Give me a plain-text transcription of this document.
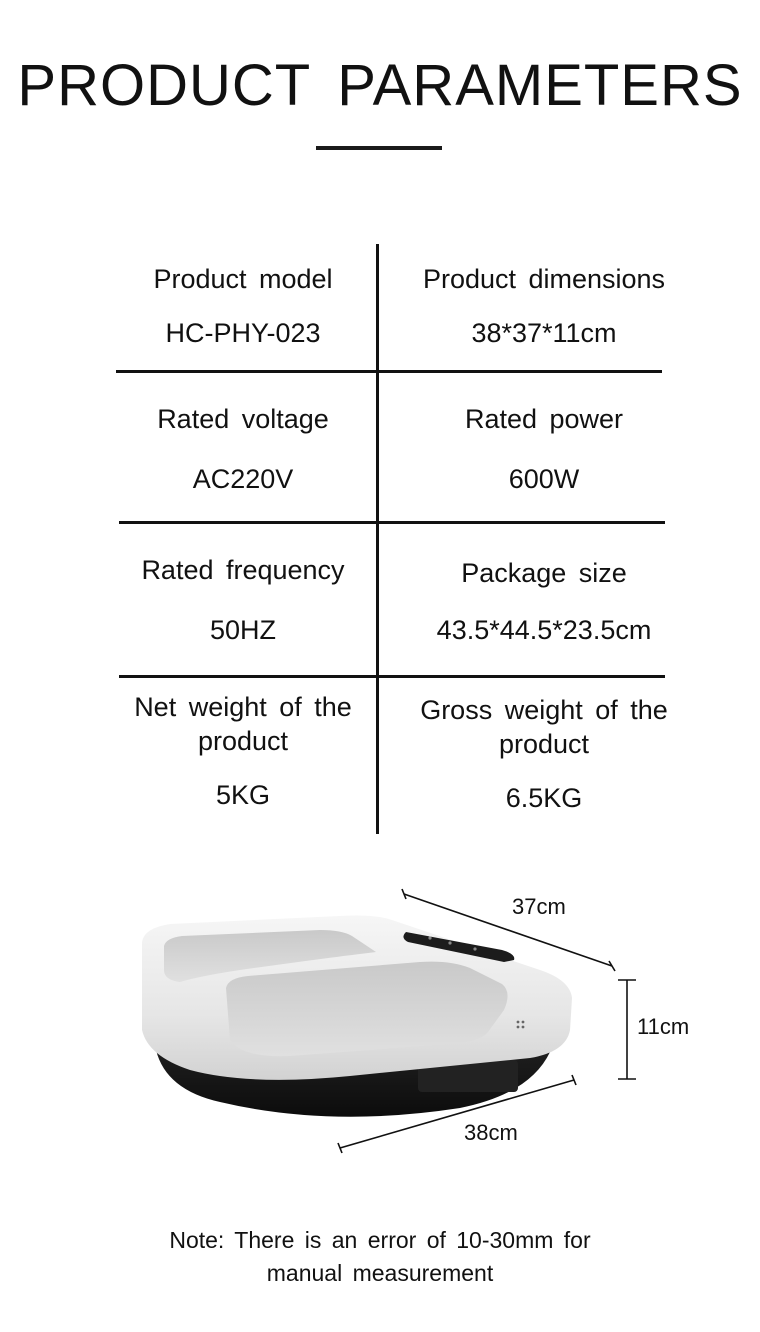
PRODUCT PARAMETERS
Product model
HC-PHY-023
Product dimensions
38*37*11cm
Rated voltage
AC220V
Rated power
600W
Rated frequency
50HZ
Package size
43.5*44.5*23.5cm
Net weight of the product
5KG
Gross weight of the product
6.5KG
37cm
11cm
38cm
Note: There is an error of 10-30mm for
manual measurement
